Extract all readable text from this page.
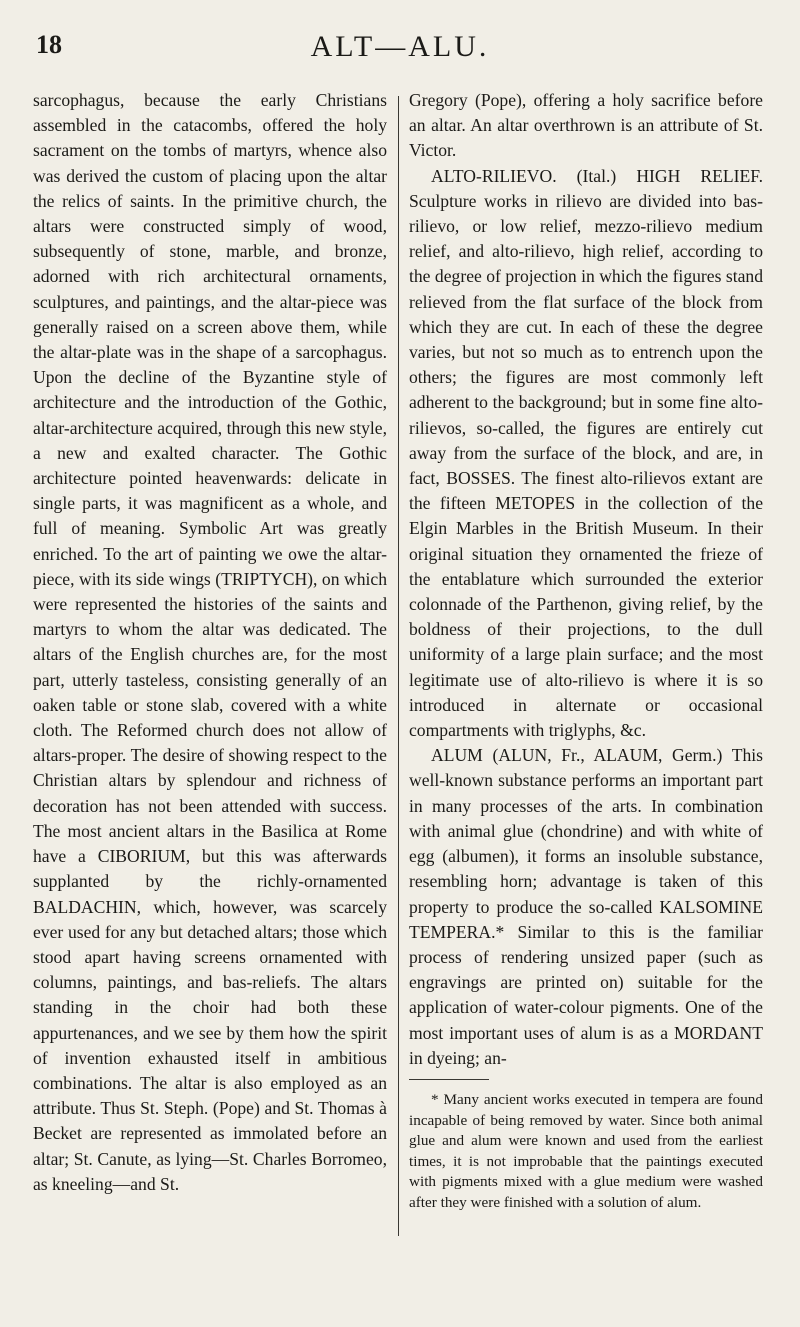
18	ALT—ALU.

sarcophagus, because the early Christians assembled in the catacombs, offered the holy sacrament on the tombs of martyrs, whence also was derived the custom of placing upon the altar the relics of saints. In the primitive church, the altars were constructed simply of wood, subsequently of stone, marble, and bronze, adorned with rich architectural ornaments, sculptures, and paintings, and the altar-piece was generally raised on a screen above them, while the altar-plate was in the shape of a sarcophagus. Upon the decline of the Byzantine style of architecture and the introduction of the Gothic, altar-architecture acquired, through this new style, a new and exalted character. The Gothic architecture pointed heavenwards: delicate in single parts, it was magnificent as a whole, and full of meaning. Symbolic Art was greatly enriched. To the art of painting we owe the altar-piece, with its side wings (TRIPTYCH), on which were represented the histories of the saints and martyrs to whom the altar was dedicated. The altars of the English churches are, for the most part, utterly tasteless, consisting generally of an oaken table or stone slab, covered with a white cloth. The Reformed church does not allow of altars-proper. The desire of showing respect to the Christian altars by splendour and richness of decoration has not been attended with success. The most ancient altars in the Basilica at Rome have a CIBORIUM, but this was afterwards supplanted by the richly-ornamented BALDACHIN, which, however, was scarcely ever used for any but detached altars; those which stood apart having screens ornamented with columns, paintings, and bas-reliefs. The altars standing in the choir had both these appurtenances, and we see by them how the spirit of invention exhausted itself in ambitious combinations. The altar is also employed as an attribute. Thus St. Steph. (Pope) and St. Thomas à Becket are represented as immolated before an altar; St. Canute, as lying—St. Charles Borromeo, as kneeling—and St.

Gregory (Pope), offering a holy sacrifice before an altar. An altar overthrown is an attribute of St. Victor.

ALTO-RILIEVO. (Ital.) HIGH RELIEF. Sculpture works in rilievo are divided into bas-rilievo, or low relief, mezzo-rilievo medium relief, and alto-rilievo, high relief, according to the degree of projection in which the figures stand relieved from the flat surface of the block from which they are cut. In each of these the degree varies, but not so much as to entrench upon the others; the figures are most commonly left adherent to the background; but in some fine alto-rilievos, so-called, the figures are entirely cut away from the surface of the block, and are, in fact, BOSSES. The finest alto-rilievos extant are the fifteen METOPES in the collection of the Elgin Marbles in the British Museum. In their original situation they ornamented the frieze of the entablature which surrounded the exterior colonnade of the Parthenon, giving relief, by the boldness of their projections, to the dull uniformity of a large plain surface; and the most legitimate use of alto-rilievo is where it is so introduced in alternate or occasional compartments with triglyphs, &c.

ALUM (ALUN, Fr., ALAUM, Germ.) This well-known substance performs an important part in many processes of the arts. In combination with animal glue (chondrine) and with white of egg (albumen), it forms an insoluble substance, resembling horn; advantage is taken of this property to produce the so-called KALSOMINE TEMPERA.* Similar to this is the familiar process of rendering unsized paper (such as engravings are printed on) suitable for the application of water-colour pigments. One of the most important uses of alum is as a MORDANT in dyeing; an-

* Many ancient works executed in tempera are found incapable of being removed by water. Since both animal glue and alum were known and used from the earliest times, it is not improbable that the paintings executed with pigments mixed with a glue medium were washed after they were finished with a solution of alum.
